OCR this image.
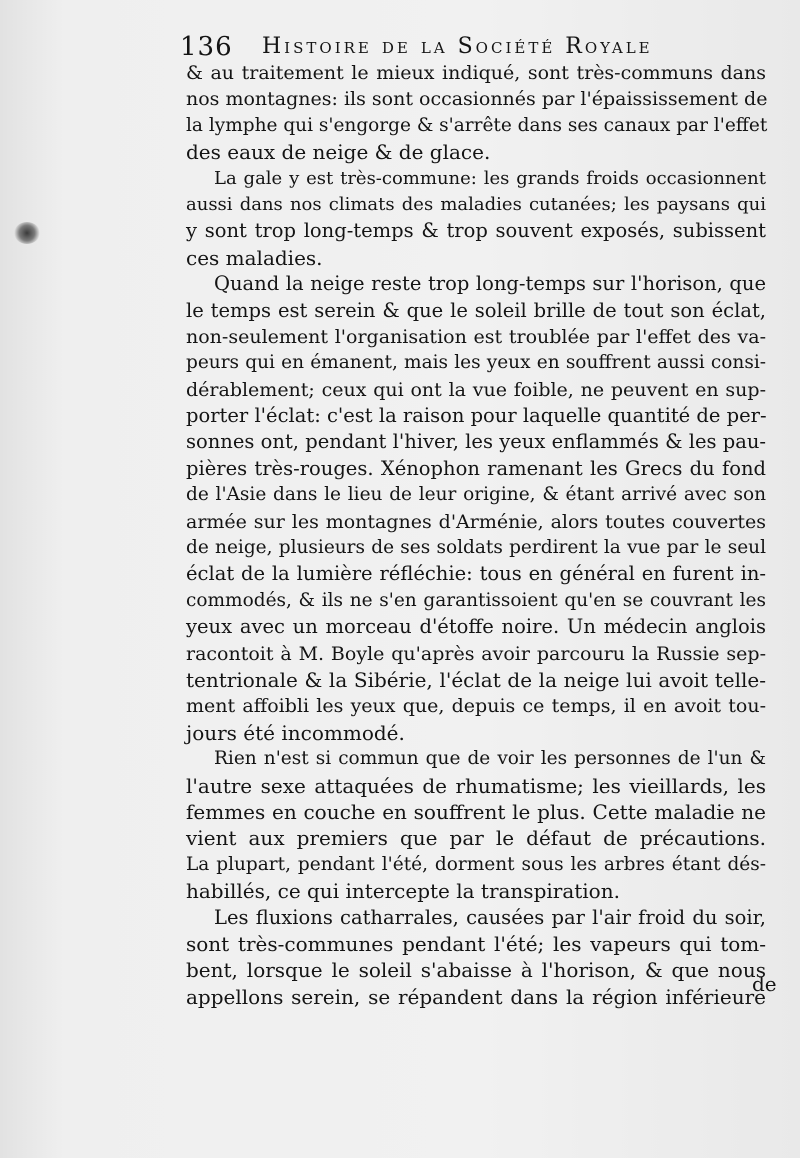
136 Histoire de la Société Royale
& au traitement le mieux indiqué, sont très-communs dans
nos montagnes: ils sont occasionnés par l'épaississement de
la lymphe qui s'engorge & s'arrête dans ses canaux par l'effet
des eaux de neige & de glace.
La gale y est très-commune: les grands froids occasionnent
aussi dans nos climats des maladies cutanées; les paysans qui
y sont trop long-temps & trop souvent exposés, subissent
ces maladies.
Quand la neige reste trop long-temps sur l'horison, que
le temps est serein & que le soleil brille de tout son éclat,
non-seulement l'organisation est troublée par l'effet des va-
peurs qui en émanent, mais les yeux en souffrent aussi consi-
dérablement; ceux qui ont la vue foible, ne peuvent en sup-
porter l'éclat: c'est la raison pour laquelle quantité de per-
sonnes ont, pendant l'hiver, les yeux enflammés & les pau-
pières très-rouges. Xénophon ramenant les Grecs du fond
de l'Asie dans le lieu de leur origine, & étant arrivé avec son
armée sur les montagnes d'Arménie, alors toutes couvertes
de neige, plusieurs de ses soldats perdirent la vue par le seul
éclat de la lumière réfléchie: tous en général en furent in-
commodés, & ils ne s'en garantissoient qu'en se couvrant les
yeux avec un morceau d'étoffe noire. Un médecin anglois
racontoit à M. Boyle qu'après avoir parcouru la Russie sep-
tentrionale & la Sibérie, l'éclat de la neige lui avoit telle-
ment affoibli les yeux que, depuis ce temps, il en avoit tou-
jours été incommodé.
Rien n'est si commun que de voir les personnes de l'un &
l'autre sexe attaquées de rhumatisme; les vieillards, les
femmes en couche en souffrent le plus. Cette maladie ne
vient aux premiers que par le défaut de précautions.
La plupart, pendant l'été, dorment sous les arbres étant dés-
habillés, ce qui intercepte la transpiration.
Les fluxions catharrales, causées par l'air froid du soir,
sont très-communes pendant l'été; les vapeurs qui tom-
bent, lorsque le soleil s'abaisse à l'horison, & que nous
appellons serein, se répandent dans la région inférieure
de
